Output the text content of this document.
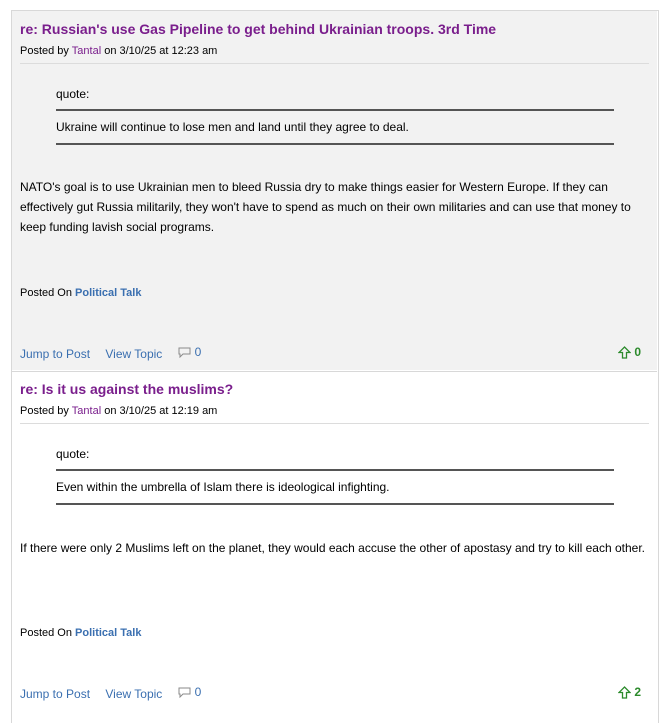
re: Russian's use Gas Pipeline to get behind Ukrainian troops. 3rd Time
Posted by Tantal on 3/10/25 at 12:23 am
quote:
Ukraine will continue to lose men and land until they agree to deal.
NATO's goal is to use Ukrainian men to bleed Russia dry to make things easier for Western Europe. If they can effectively gut Russia militarily, they won't have to spend as much on their own militaries and can use that money to keep funding lavish social programs.
Posted On Political Talk
Jump to Post View Topic	0	0
re: Is it us against the muslims?
Posted by Tantal on 3/10/25 at 12:19 am
quote:
Even within the umbrella of Islam there is ideological infighting.
If there were only 2 Muslims left on the planet, they would each accuse the other of apostasy and try to kill each other.
Posted On Political Talk
Jump to Post View Topic	0	2
